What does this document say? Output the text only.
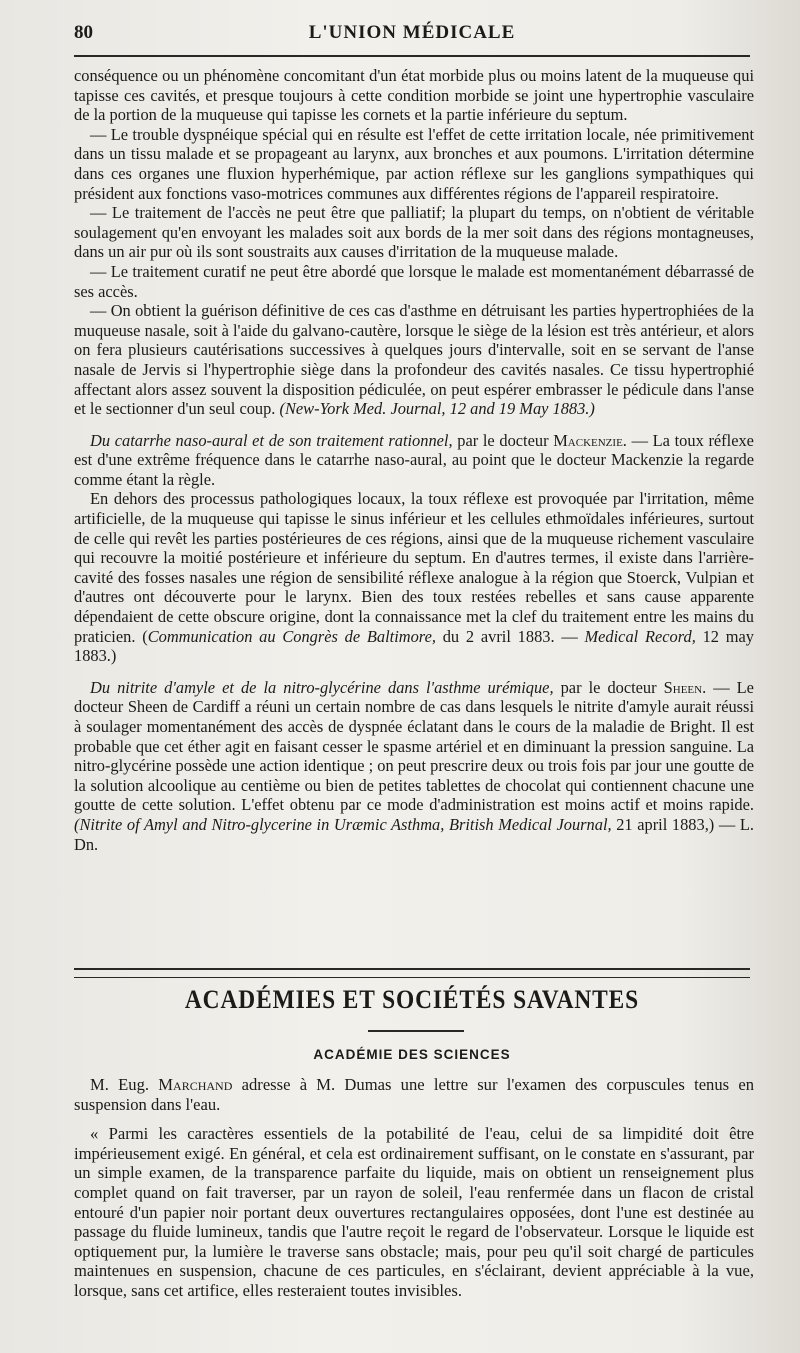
80	L'UNION MÉDICALE

conséquence ou un phénomène concomitant d'un état morbide plus ou moins latent de la muqueuse qui tapisse ces cavités, et presque toujours à cette condition morbide se joint une hypertrophie vasculaire de la portion de la muqueuse qui tapisse les cornets et la partie inférieure du septum.

— Le trouble dyspnéique spécial qui en résulte est l'effet de cette irritation locale, née primitivement dans un tissu malade et se propageant au larynx, aux bronches et aux poumons. L'irritation détermine dans ces organes une fluxion hyperhémique, par action réflexe sur les ganglions sympathiques qui président aux fonctions vaso-motrices communes aux différentes régions de l'appareil respiratoire.

— Le traitement de l'accès ne peut être que palliatif; la plupart du temps, on n'obtient de véritable soulagement qu'en envoyant les malades soit aux bords de la mer soit dans des régions montagneuses, dans un air pur où ils sont soustraits aux causes d'irritation de la muqueuse malade.

— Le traitement curatif ne peut être abordé que lorsque le malade est momentanément débarrassé de ses accès.

— On obtient la guérison définitive de ces cas d'asthme en détruisant les parties hypertrophiées de la muqueuse nasale, soit à l'aide du galvano-cautère, lorsque le siège de la lésion est très antérieur, et alors on fera plusieurs cautérisations successives à quelques jours d'intervalle, soit en se servant de l'anse nasale de Jervis si l'hypertrophie siège dans la profondeur des cavités nasales. Ce tissu hypertrophié affectant alors assez souvent la disposition pédiculée, on peut espérer embrasser le pédicule dans l'anse et le sectionner d'un seul coup. (New-York Med. Journal, 12 and 19 May 1883.)

Du catarrhe naso-aural et de son traitement rationnel, par le docteur Mackenzie. — La toux réflexe est d'une extrême fréquence dans le catarrhe naso-aural, au point que le docteur Mackenzie la regarde comme étant la règle.

En dehors des processus pathologiques locaux, la toux réflexe est provoquée par l'irritation, même artificielle, de la muqueuse qui tapisse le sinus inférieur et les cellules ethmoïdales inférieures, surtout de celle qui revêt les parties postérieures de ces régions, ainsi que de la muqueuse richement vasculaire qui recouvre la moitié postérieure et inférieure du septum. En d'autres termes, il existe dans l'arrière-cavité des fosses nasales une région de sensibilité réflexe analogue à la région que Stoerck, Vulpian et d'autres ont découverte pour le larynx. Bien des toux restées rebelles et sans cause apparente dépendaient de cette obscure origine, dont la connaissance met la clef du traitement entre les mains du praticien. (Communication au Congrès de Baltimore, du 2 avril 1883. — Medical Record, 12 may 1883.)

Du nitrite d'amyle et de la nitro-glycérine dans l'asthme urémique, par le docteur Sheen. — Le docteur Sheen de Cardiff a réuni un certain nombre de cas dans lesquels le nitrite d'amyle aurait réussi à soulager momentanément des accès de dyspnée éclatant dans le cours de la maladie de Bright. Il est probable que cet éther agit en faisant cesser le spasme artériel et en diminuant la pression sanguine. La nitro-glycérine possède une action identique ; on peut prescrire deux ou trois fois par jour une goutte de la solution alcoolique au centième ou bien de petites tablettes de chocolat qui contiennent chacune une goutte de cette solution. L'effet obtenu par ce mode d'administration est moins actif et moins rapide. (Nitrite of Amyl and Nitro-glycerine in Uræmic Asthma, British Medical Journal, 21 april 1883,) — L. Dn.

ACADÉMIES ET SOCIÉTÉS SAVANTES
ACADÉMIE DES SCIENCES

M. Eug. Marchand adresse à M. Dumas une lettre sur l'examen des corpuscules tenus en suspension dans l'eau.

« Parmi les caractères essentiels de la potabilité de l'eau, celui de sa limpidité doit être impérieusement exigé. En général, et cela est ordinairement suffisant, on le constate en s'assurant, par un simple examen, de la transparence parfaite du liquide, mais on obtient un renseignement plus complet quand on fait traverser, par un rayon de soleil, l'eau renfermée dans un flacon de cristal entouré d'un papier noir portant deux ouvertures rectangulaires opposées, dont l'une est destinée au passage du fluide lumineux, tandis que l'autre reçoit le regard de l'observateur. Lorsque le liquide est optiquement pur, la lumière le traverse sans obstacle; mais, pour peu qu'il soit chargé de particules maintenues en suspension, chacune de ces particules, en s'éclairant, devient appréciable à la vue, lorsque, sans cet artifice, elles resteraient toutes invisibles.
